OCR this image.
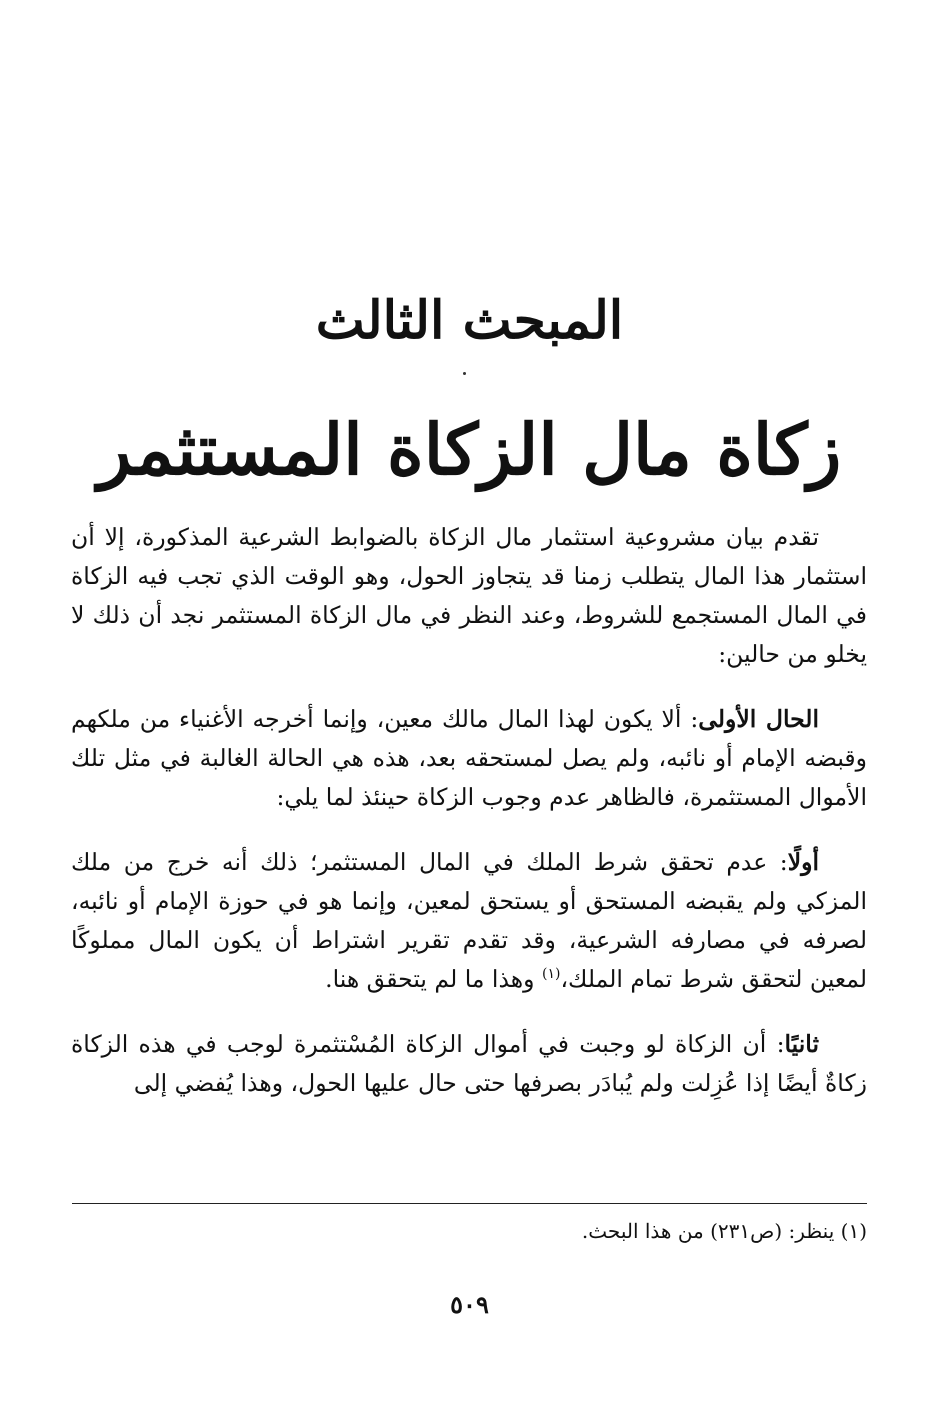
المبحث الثالث
زكاة مال الزكاة المستثمر

تقدم بيان مشروعية استثمار مال الزكاة بالضوابط الشرعية المذكورة، إلا أن استثمار هذا المال يتطلب زمنا قد يتجاوز الحول، وهو الوقت الذي تجب فيه الزكاة في المال المستجمع للشروط، وعند النظر في مال الزكاة المستثمر نجد أن ذلك لا يخلو من حالين:

الحال الأولى: ألا يكون لهذا المال مالك معين، وإنما أخرجه الأغنياء من ملكهم وقبضه الإمام أو نائبه، ولم يصل لمستحقه بعد، هذه هي الحالة الغالبة في مثل تلك الأموال المستثمرة، فالظاهر عدم وجوب الزكاة حينئذ لما يلي:

أولًا: عدم تحقق شرط الملك في المال المستثمر؛ ذلك أنه خرج من ملك المزكي ولم يقبضه المستحق أو يستحق لمعين، وإنما هو في حوزة الإمام أو نائبه، لصرفه في مصارفه الشرعية، وقد تقدم تقرير اشتراط أن يكون المال مملوكًا لمعين لتحقق شرط تمام الملك،$^{(١)}$ وهذا ما لم يتحقق هنا.

ثانيًا: أن الزكاة لو وجبت في أموال الزكاة المُسْتثمرة لوجب في هذه الزكاة زكاةٌ أيضًا إذا عُزِلت ولم يُبادَر بصرفها حتى حال عليها الحول، وهذا يُفضي إلى

(١) ينظر: (ص٢٣١) من هذا البحث.
٥٠٩
